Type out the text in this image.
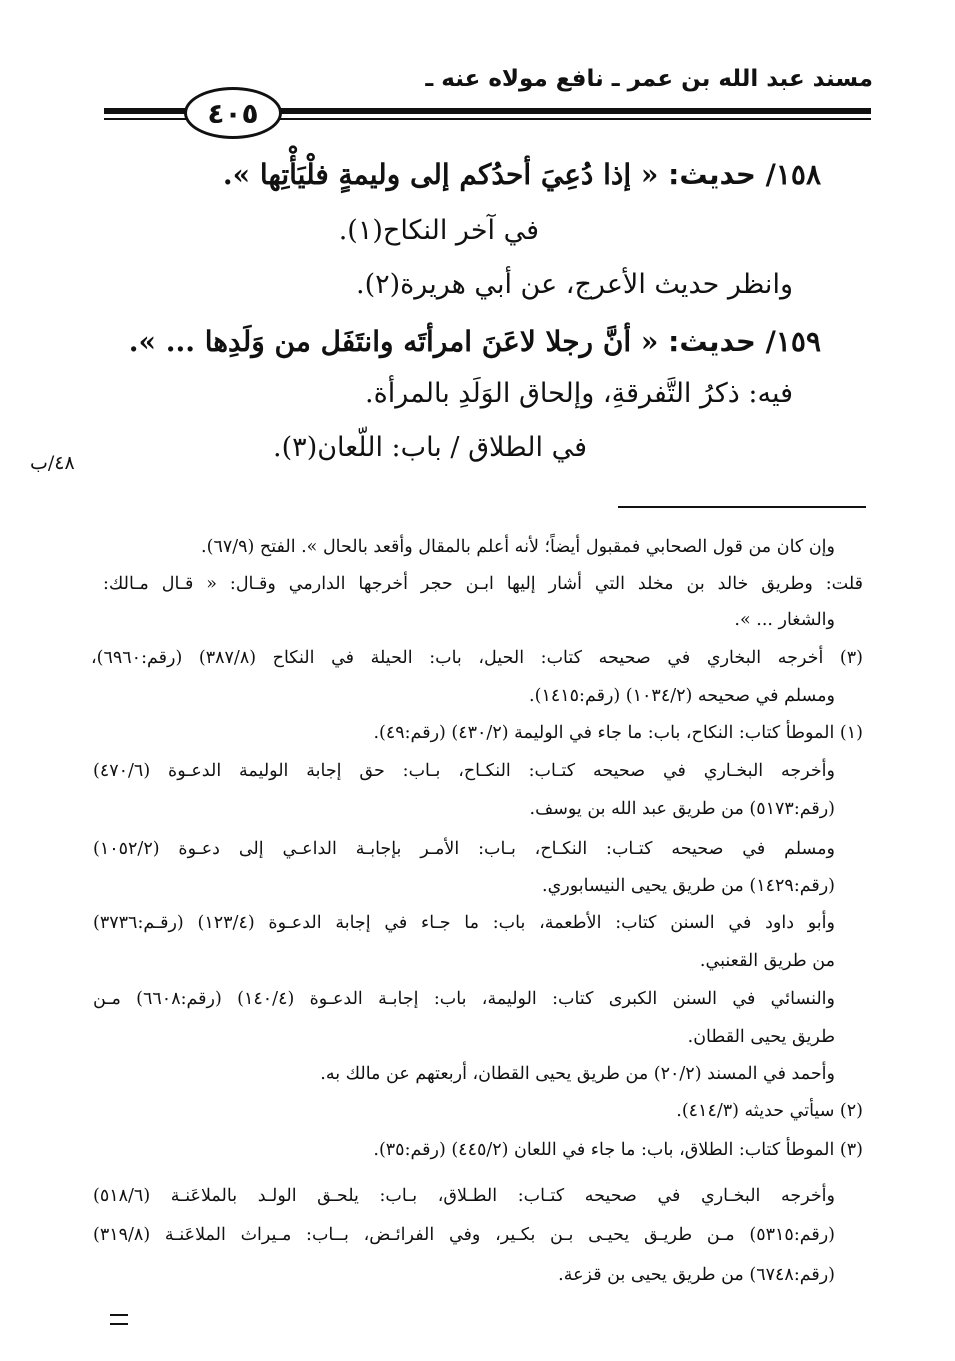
مسند عبد الله بن عمر ـ نافع مولاه عنه ـ
٤٠٥
١٥٨/ حديث: « إذا دُعِيَ أحدُكم إلى وليمةٍ فلْيَأْتِها ».
في آخر النكاح(١).
وانظر حديث الأعرج، عن أبي هريرة(٢).
١٥٩/ حديث: « أنَّ رجلا لاعَنَ امرأتَه وانتَفَل من وَلَدِها ... ».
فيه: ذكرُ التَّفرقةِ، وإلحاق الوَلَدِ بالمرأة.
في الطلاق / باب: اللّعان(٣).
٤٨/ب
وإن كان من قول الصحابي فمقبول أيضاً؛ لأنه أعلم بالمقال وأقعد بالحال ». الفتح (٦٧/٩).
قلت: وطريق خالد بن مخلد التي أشار إليها ابـن حجر أخرجها الدارمي وقـال: « قـال مـالك:
والشغار ... ».
(٣) أخرجه البخاري في صحيحه كتاب: الحيل، باب: الحيلة في النكاح (٣٨٧/٨) (رقم:٦٩٦٠)،
ومسلم في صحيحه (١٠٣٤/٢) (رقم:١٤١٥).
(١) الموطأ كتاب: النكاح، باب: ما جاء في الوليمة (٤٣٠/٢) (رقم:٤٩).
وأخرجه البخـاري في صحيحه كتـاب: النكـاح، بـاب: حق إجابة الوليمة الدعـوة (٤٧٠/٦)
(رقم:٥١٧٣) من طريق عبد الله بن يوسف.
ومسلم في صحيحه كتـاب: النكـاح، بـاب: الأمـر بإجابـة الداعـي إلى دعـوة (١٠٥٢/٢)
(رقم:١٤٢٩) من طريق يحيى النيسابوري.
وأبو داود في السنن كتاب: الأطعمة، باب: ما جـاء في إجابة الدعـوة (١٢٣/٤) (رقـم:٣٧٣٦)
من طريق القعنبي.
والنسائي في السنن الكبرى كتاب: الوليمة، باب: إجابـة الدعـوة (١٤٠/٤) (رقم:٦٦٠٨) مـن
طريق يحيى القطان.
وأحمد في المسند (٢٠/٢) من طريق يحيى القطان، أربعتهم عن مالك به.
(٢) سيأتي حديثه (٤١٤/٣).
(٣) الموطأ كتاب: الطلاق، باب: ما جاء في اللعان (٤٤٥/٢) (رقم:٣٥).
وأخرجه البخـاري في صحيحه كتـاب: الطـلاق، بـاب: يلحـق الولـد بالملاعَنـة (٥١٨/٦)
(رقم:٥٣١٥) مـن طريـق يحيـى بـن بكـير، وفي الفرائـض، بــاب: مـيراث الملاعَنـة (٣١٩/٨)
(رقم:٦٧٤٨) من طريق يحيى بن قزعة.
